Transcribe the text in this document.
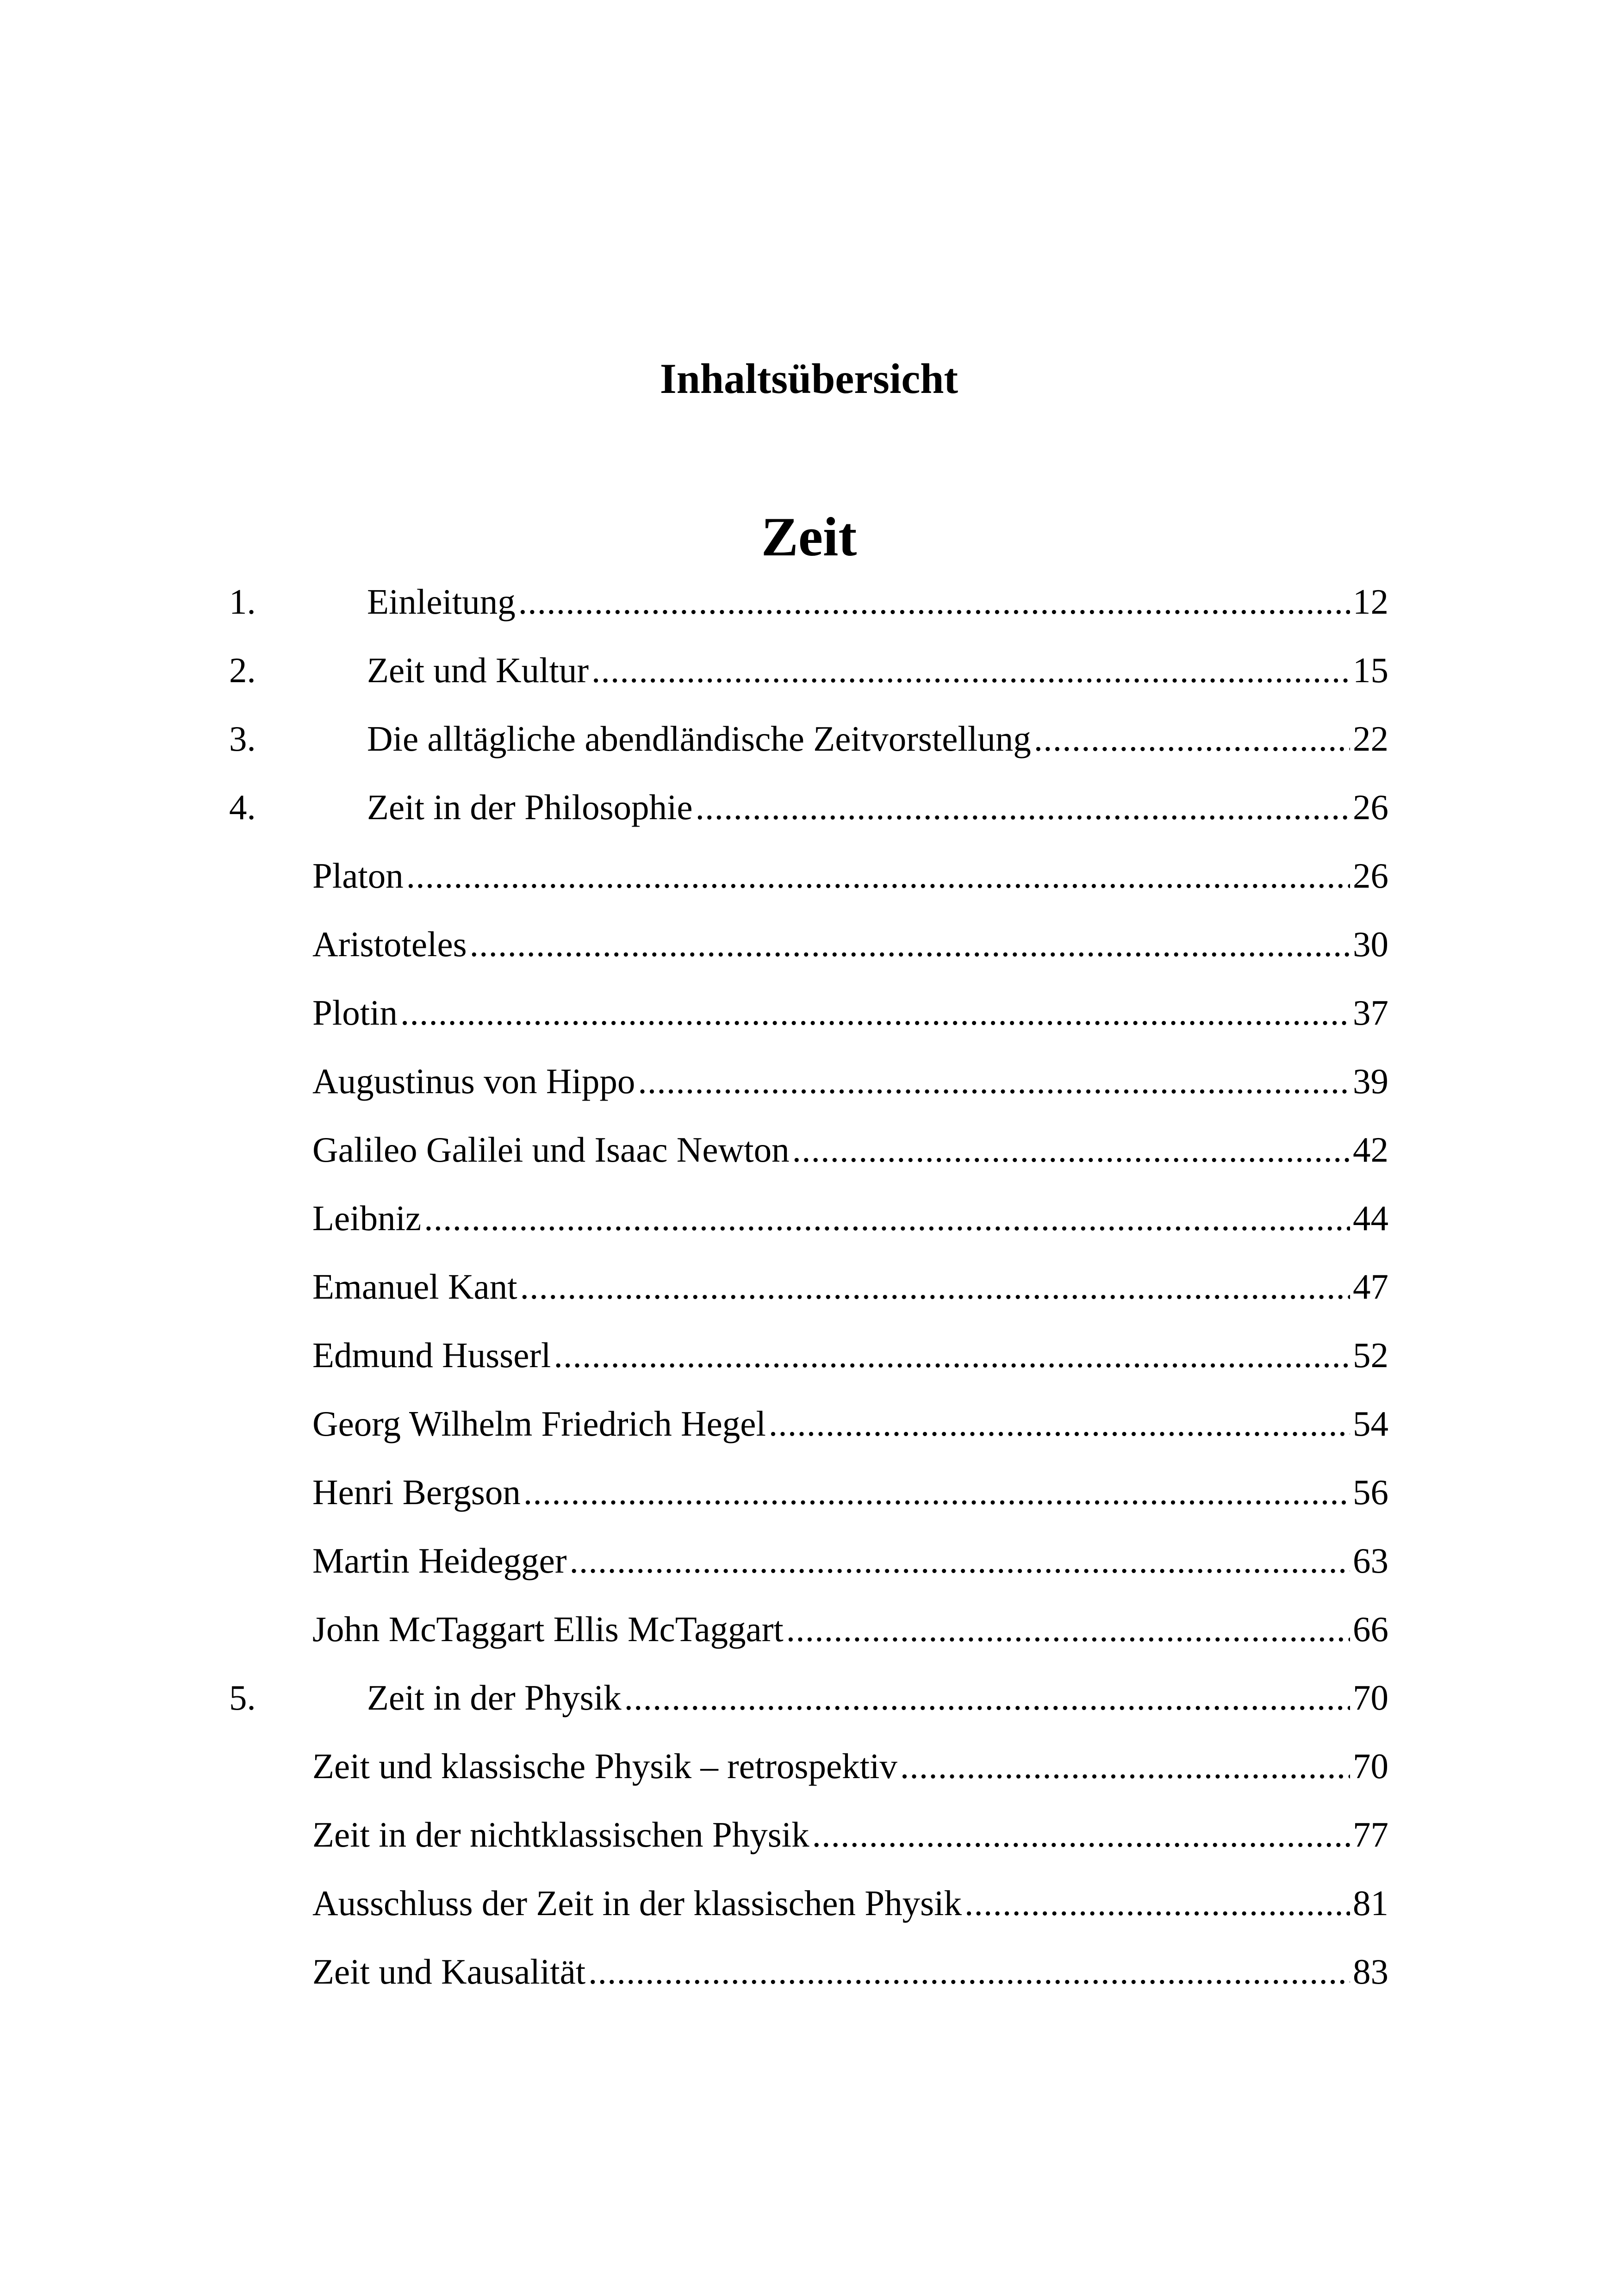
Inhaltsübersicht
Zeit
1.	Einleitung . . .	12
2.	Zeit und Kultur . . .	15
3.	Die alltägliche abendländische Zeitvorstellung . . .	22
4.	Zeit in der Philosophie . . .	26
Platon . . .	26
Aristoteles . . .	30
Plotin . . .	37
Augustinus von Hippo . . .	39
Galileo Galilei und Isaac Newton . . .	42
Leibniz . . .	44
Emanuel Kant . . .	47
Edmund Husserl . . .	52
Georg Wilhelm Friedrich Hegel . . .	54
Henri Bergson . . .	56
Martin Heidegger . . .	63
John McTaggart Ellis McTaggart . . .	66
5.	Zeit in der Physik . . .	70
Zeit und klassische Physik – retrospektiv . . .	70
Zeit in der nichtklassischen Physik . . .	77
Ausschluss der Zeit in der klassischen Physik . . .	81
Zeit und Kausalität . . .	83
